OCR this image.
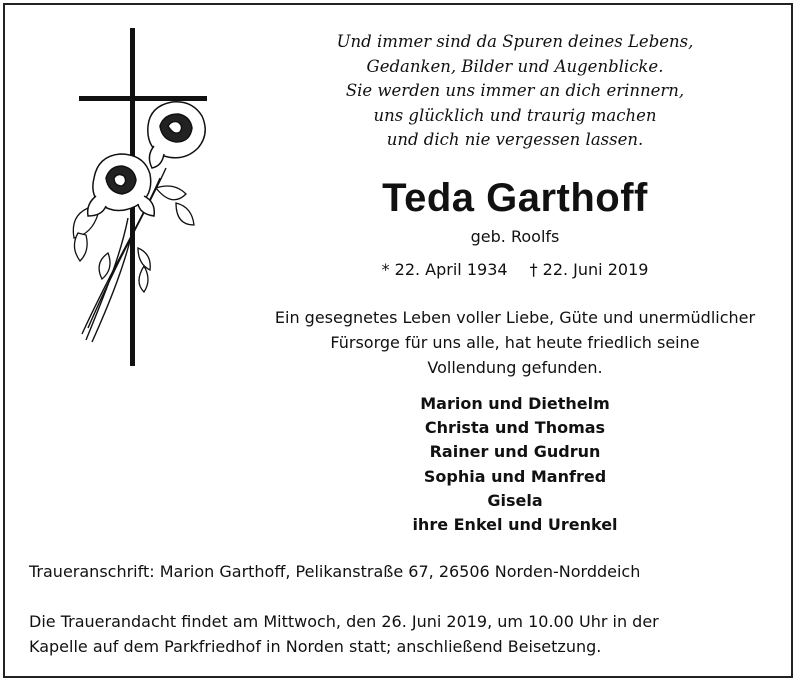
Und immer sind da Spuren deines Lebens,
Gedanken, Bilder und Augenblicke.
Sie werden uns immer an dich erinnern,
uns glücklich und traurig machen
und dich nie vergessen lassen.
Teda Garthoff
geb. Roolfs
* 22. April 1934 † 22. Juni 2019
Ein gesegnetes Leben voller Liebe, Güte und unermüdlicher
Fürsorge für uns alle, hat heute friedlich seine
Vollendung gefunden.
Marion und Diethelm
Christa und Thomas
Rainer und Gudrun
Sophia und Manfred
Gisela
ihre Enkel und Urenkel
Traueranschrift: Marion Garthoff, Pelikanstraße 67, 26506 Norden-Norddeich
Die Trauerandacht findet am Mittwoch, den 26. Juni 2019, um 10.00 Uhr in der
Kapelle auf dem Parkfriedhof in Norden statt; anschließend Beisetzung.
